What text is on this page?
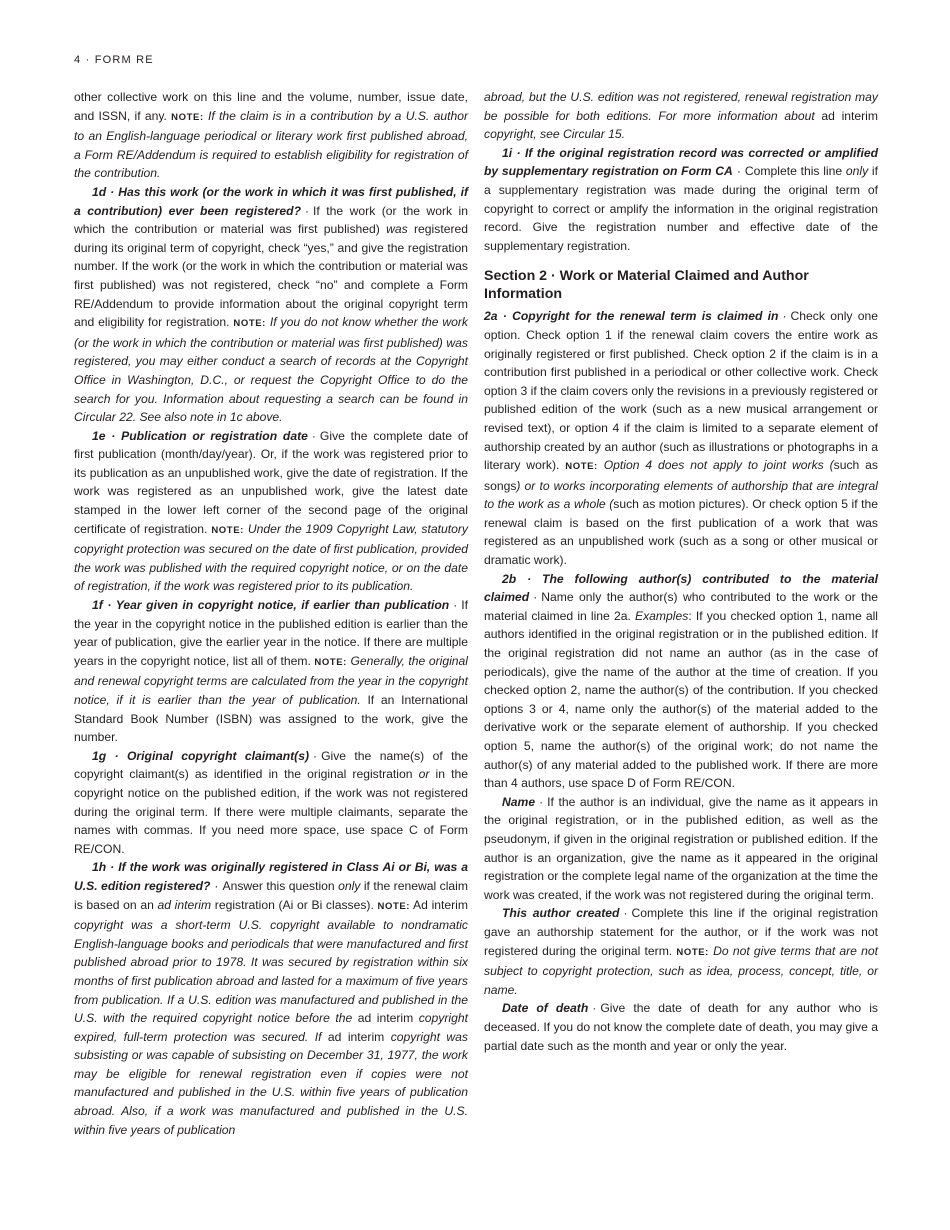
4 · FORM RE

other collective work on this line and the volume, number, issue date, and ISSN, if any. NOTE: If the claim is in a contribution by a U.S. author to an English-language periodical or literary work first published abroad, a Form RE/Addendum is required to establish eligibility for registration of the contribution.

1d · Has this work (or the work in which it was first published, if a contribution) ever been registered? · If the work (or the work in which the contribution or material was first published) was registered during its original term of copyright, check “yes,” and give the registration number. If the work (or the work in which the contribution or material was first published) was not registered, check “no” and complete a Form RE/Addendum to provide information about the original copyright term and eligibility for registration. NOTE: If you do not know whether the work (or the work in which the contribution or material was first published) was registered, you may either conduct a search of records at the Copyright Office in Washington, D.C., or request the Copyright Office to do the search for you. Information about requesting a search can be found in Circular 22. See also note in 1c above.

1e · Publication or registration date · Give the complete date of first publication (month/day/year). Or, if the work was registered prior to its publication as an unpublished work, give the date of registration. If the work was registered as an unpublished work, give the latest date stamped in the lower left corner of the second page of the original certificate of registration. NOTE: Under the 1909 Copyright Law, statutory copyright protection was secured on the date of first publication, provided the work was published with the required copyright notice, or on the date of registration, if the work was registered prior to its publication.

1f · Year given in copyright notice, if earlier than publication · If the year in the copyright notice in the published edition is earlier than the year of publication, give the earlier year in the notice. If there are multiple years in the copyright notice, list all of them. NOTE: Generally, the original and renewal copyright terms are calculated from the year in the copyright notice, if it is earlier than the year of publication. If an International Standard Book Number (ISBN) was assigned to the work, give the number.

1g · Original copyright claimant(s) · Give the name(s) of the copyright claimant(s) as identified in the original registration or in the copyright notice on the published edition, if the work was not registered during the original term. If there were multiple claimants, separate the names with commas. If you need more space, use space C of Form RE/CON.

1h · If the work was originally registered in Class Ai or Bi, was a U.S. edition registered? · Answer this question only if the renewal claim is based on an ad interim registration (Ai or Bi classes). NOTE: Ad interim copyright was a short-term U.S. copyright available to nondramatic English-language books and periodicals that were manufactured and first published abroad prior to 1978. It was secured by registration within six months of first publication abroad and lasted for a maximum of five years from publication. If a U.S. edition was manufactured and published in the U.S. with the required copyright notice before the ad interim copyright expired, full-term protection was secured. If ad interim copyright was subsisting or was capable of subsisting on December 31, 1977, the work may be eligible for renewal registration even if copies were not manufactured and published in the U.S. within five years of publication abroad. Also, if a work was manufactured and published in the U.S. within five years of publication

abroad, but the U.S. edition was not registered, renewal registration may be possible for both editions. For more information about ad interim copyright, see Circular 15.

1i · If the original registration record was corrected or amplified by supplementary registration on Form CA · Complete this line only if a supplementary registration was made during the original term of copyright to correct or amplify the information in the original registration record. Give the registration number and effective date of the supplementary registration.

Section 2 · Work or Material Claimed and Author Information

2a · Copyright for the renewal term is claimed in · Check only one option. Check option 1 if the renewal claim covers the entire work as originally registered or first published. Check option 2 if the claim is in a contribution first published in a periodical or other collective work. Check option 3 if the claim covers only the revisions in a previously registered or published edition of the work (such as a new musical arrangement or revised text), or option 4 if the claim is limited to a separate element of authorship created by an author (such as illustrations or photographs in a literary work). NOTE: Option 4 does not apply to joint works (such as songs) or to works incorporating elements of authorship that are integral to the work as a whole (such as motion pictures). Or check option 5 if the renewal claim is based on the first publication of a work that was registered as an unpublished work (such as a song or other musical or dramatic work).

2b · The following author(s) contributed to the material claimed · Name only the author(s) who contributed to the work or the material claimed in line 2a. Examples: If you checked option 1, name all authors identified in the original registration or in the published edition. If the original registration did not name an author (as in the case of periodicals), give the name of the author at the time of creation. If you checked option 2, name the author(s) of the contribution. If you checked options 3 or 4, name only the author(s) of the material added to the derivative work or the separate element of authorship. If you checked option 5, name the author(s) of the original work; do not name the author(s) of any material added to the published work. If there are more than 4 authors, use space D of Form RE/CON.

Name · If the author is an individual, give the name as it appears in the original registration, or in the published edition, as well as the pseudonym, if given in the original registration or published edition. If the author is an organization, give the name as it appeared in the original registration or the complete legal name of the organization at the time the work was created, if the work was not registered during the original term.

This author created · Complete this line if the original registration gave an authorship statement for the author, or if the work was not registered during the original term. NOTE: Do not give terms that are not subject to copyright protection, such as idea, process, concept, title, or name.

Date of death · Give the date of death for any author who is deceased. If you do not know the complete date of death, you may give a partial date such as the month and year or only the year.
